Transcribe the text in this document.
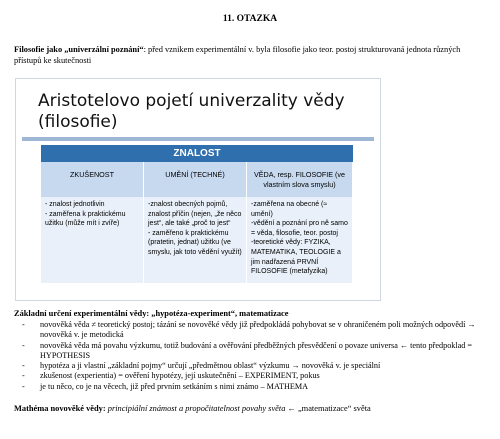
11. OTAZKA
Filosofie jako „univerzální poznání“: před vznikem experimentální v. byla filosofie jako teor. postoj strukturovaná jednota různých přístupů ke skutečnosti
Aristotelovo pojetí univerzality vědy (filosofie)
ZNALOST
ZKUŠENOST	UMĚNÍ (TECHNÉ)	VĚDA, resp. FILOSOFIE (ve vlastním slova smyslu)
- znalost jednotlivin
- zaměřena k praktickému užitku (může mít i zvíře)
-znalost obecných pojmů, znalost příčin (nejen, „že něco jest“, ale také „proč to jest“
- zaměřeno k praktickému (pratetin, jednat) užitku (ve smyslu, jak toto vědění využít)
-zaměřena na obecné (≈ umění)
-vědění a poznání pro ně samo = věda, filosofie, teor. postoj
-teoretické vědy: FYZIKA, MATEMATIKA, TEOLOGIE a jim nadřazená PRVNÍ FILOSOFIE (metafyzika)
Základní určení experimentální vědy: „hypotéza-experiment“, matematizace
- novověká věda ≠ teoretický postoj; tázání se novověké vědy již předpokládá pohybovat se v ohraničeném poli možných odpovědí → novověká v. je metodická
- novověká věda má povahu výzkumu, totiž budování a ověřování předběžných přesvědčení o povaze universa ← tento předpoklad = HYPOTHESIS
- hypotéza a ji vlastní „základní pojmy“ určují „předmětnou oblast“ výzkumu → novověká v. je speciální
- zkušenost (experientia) = ověření hypotézy, její uskutečnění – EXPERIMENT, pokus
- je tu něco, co je na věcech, již před prvním setkáním s nimi známo – MATHEMA
Mathéma novověké vědy: principiální známost a propočitatelnost povahy světa ← „matematizace“ světa
